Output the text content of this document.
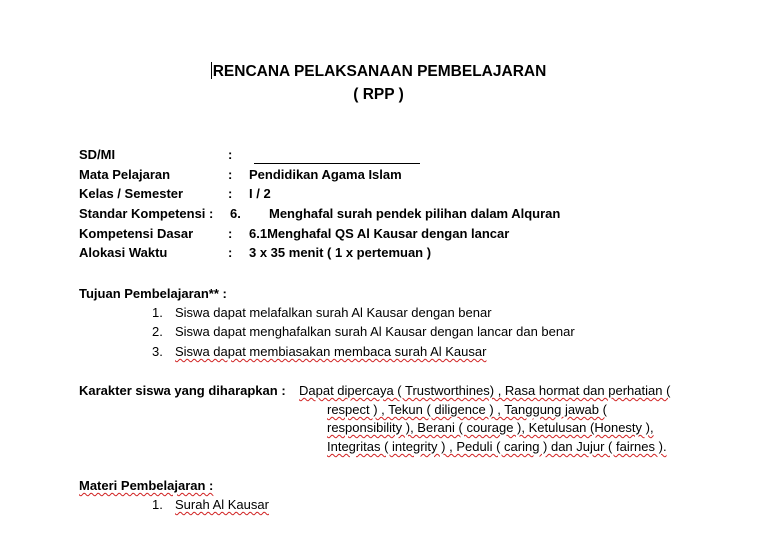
RENCANA PELAKSANAAN PEMBELAJARAN
( RPP )
SD/MI	:
Mata Pelajaran	: Pendidikan Agama Islam
Kelas / Semester	: I / 2
Standar Kompetensi : 6. Menghafal surah pendek pilihan dalam Alquran
Kompetensi Dasar	: 6.1Menghafal QS Al Kausar dengan lancar
Alokasi Waktu	: 3 x 35 menit ( 1 x pertemuan )
Tujuan Pembelajaran** :
1. Siswa dapat melafalkan surah Al Kausar dengan benar
2. Siswa dapat menghafalkan surah Al Kausar dengan lancar dan benar
3. Siswa dapat membiasakan membaca surah Al Kausar
Karakter siswa yang diharapkan : Dapat dipercaya ( Trustworthines) , Rasa hormat dan perhatian (
respect ) , Tekun ( diligence ) , Tanggung jawab (
responsibility ), Berani ( courage ), Ketulusan (Honesty ),
Integritas ( integrity ) , Peduli ( caring ) dan Jujur ( fairnes ).
Materi Pembelajaran :
1. Surah Al Kausar
